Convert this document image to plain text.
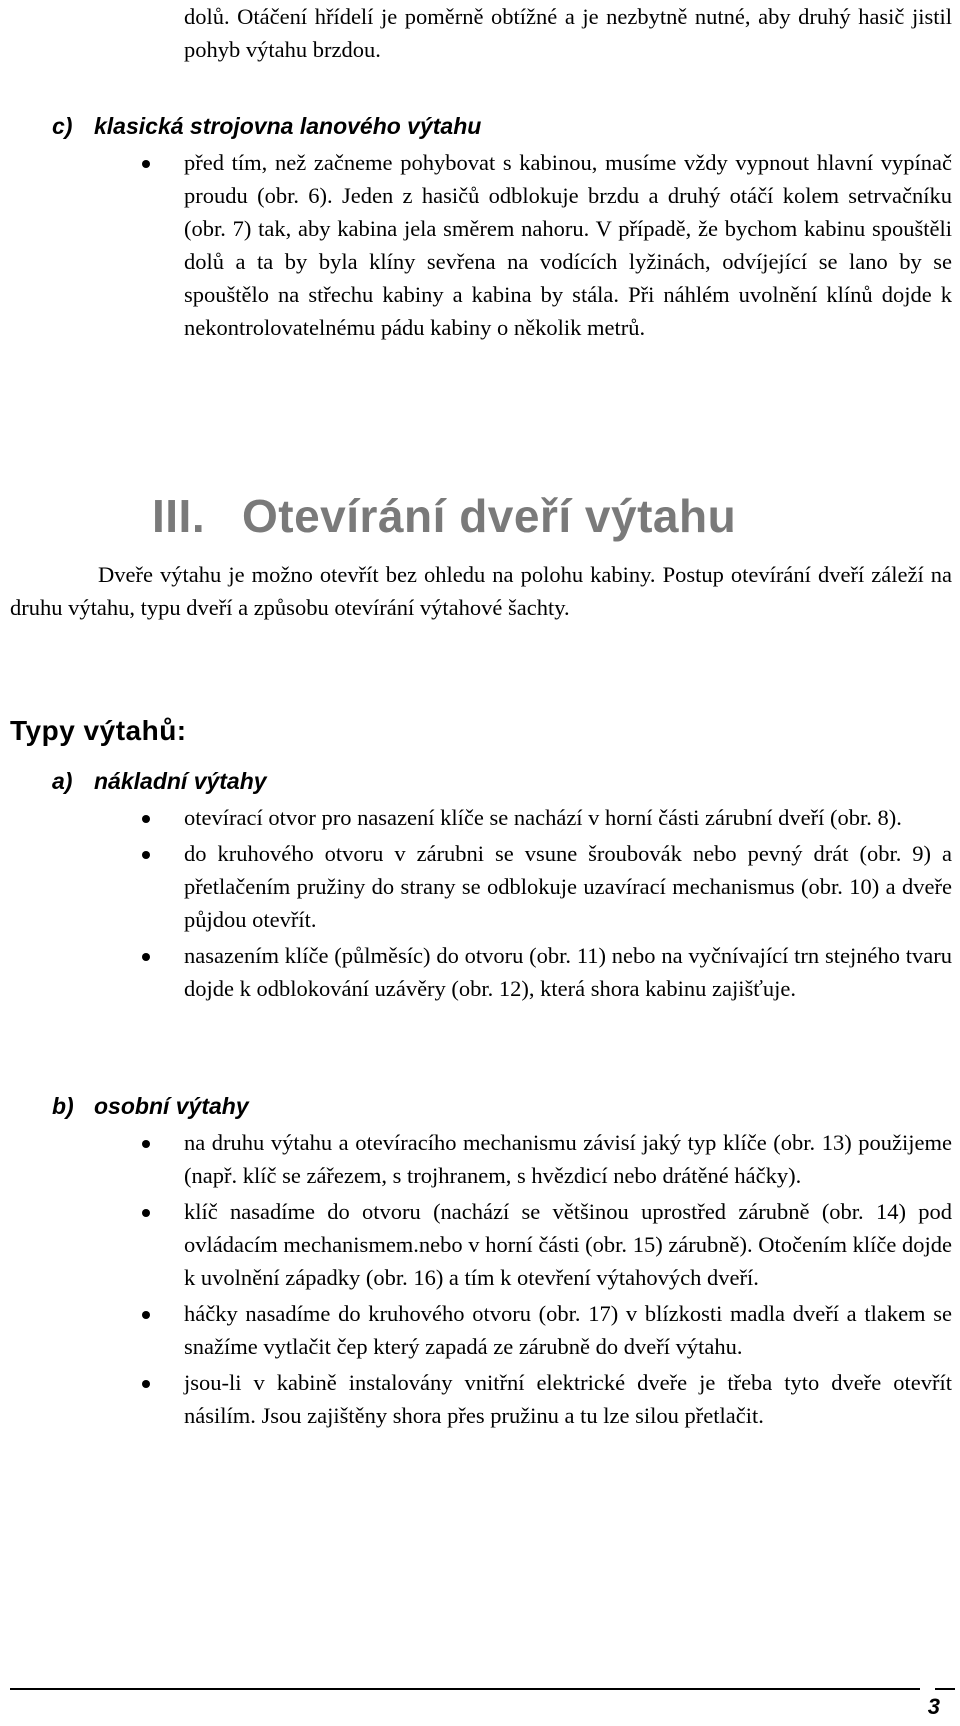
dolů. Otáčení hřídelí je poměrně obtížné a je nezbytně nutné, aby druhý hasič jistil pohyb výtahu brzdou.
c) klasická strojovna lanového výtahu
před tím, než začneme pohybovat s kabinou, musíme vždy vypnout hlavní vypínač proudu (obr. 6). Jeden z hasičů odblokuje brzdu a druhý otáčí kolem setrvačníku (obr. 7) tak, aby kabina jela směrem nahoru. V případě, že bychom kabinu spouštěli dolů a ta by byla klíny sevřena na vodících lyžinách, odvíjející se lano by se spouštělo na střechu kabiny a kabina by stála. Při náhlém uvolnění klínů dojde k nekontrolovatelnému pádu kabiny o několik metrů.
III. Otevírání dveří výtahu
Dveře výtahu je možno otevřít bez ohledu na polohu kabiny. Postup otevírání dveří záleží na druhu výtahu, typu dveří a způsobu otevírání výtahové šachty.
Typy výtahů:
a) nákladní výtahy
otevírací otvor pro nasazení klíče se nachází v horní části zárubní dveří (obr. 8).
do kruhového otvoru v zárubni se vsune šroubovák nebo pevný drát (obr. 9) a přetlačením pružiny do strany se odblokuje uzavírací mechanismus (obr. 10) a dveře půjdou otevřít.
nasazením klíče (půlměsíc) do otvoru (obr. 11) nebo na vyčnívající trn stejného tvaru dojde k odblokování uzávěry (obr. 12), která shora kabinu zajišťuje.
b) osobní výtahy
na druhu výtahu a otevíracího mechanismu závisí jaký typ klíče (obr. 13) použijeme (např. klíč se zářezem, s trojhranem, s hvězdicí nebo drátěné háčky).
klíč nasadíme do otvoru (nachází se většinou uprostřed zárubně (obr. 14) pod ovládacím mechanismem.nebo v horní části (obr. 15) zárubně). Otočením klíče dojde k uvolnění západky (obr. 16) a tím k otevření výtahových dveří.
háčky nasadíme do kruhového otvoru (obr. 17) v blízkosti madla dveří a tlakem se snažíme vytlačit čep který zapadá ze zárubně do dveří výtahu.
jsou-li v kabině instalovány vnitřní elektrické dveře je třeba tyto dveře otevřít násilím. Jsou zajištěny shora přes pružinu a tu lze silou přetlačit.
3
